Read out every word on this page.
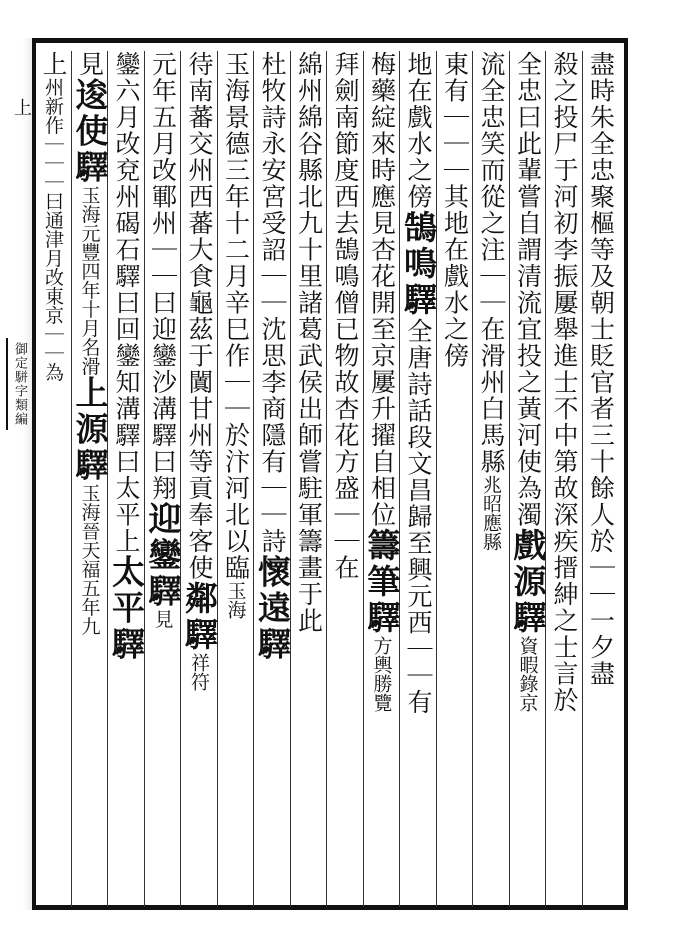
上
御定駢字類編	盡時朱全忠聚樞等及朝士貶官者三十餘人於｜｜一夕盡
殺之投尸于河初李振屢舉進士不中第故深疾搢紳之士言於
全忠曰此輩嘗自謂清流宜投之黃河使為濁戲源驛資暇錄京
流全忠笑而從之注｜｜在滑州白馬縣兆昭應縣
東有｜｜｜其地在戲水之傍
地在戲水之傍鵠鳴驛全唐詩話段文昌歸至興元西｜｜有
梅藥綻來時應見杏花開至京屢升擢自相位籌筆驛方輿勝覽
拜劍南節度西去鵠鳴僧已物故杏花方盛｜｜在
綿州綿谷縣北九十里諸葛武侯出師嘗駐軍籌畫于此
杜牧詩永安宮受詔｜｜沈思李商隱有｜｜詩懷遠驛
玉海景德三年十二月辛巳作｜｜於汴河北以臨玉海
待南蕃交州西蕃大食龜茲于闐甘州等貢奉客使鄰驛祥符
元年五月改鄆州｜｜曰迎鑾沙溝驛曰翔迎鑾驛見
鑾六月改兗州碣石驛曰回鑾知溝驛曰太平上太平驛
見逡使驛玉海元豐四年十月名滑上源驛玉海晉天福五年九
上州新作｜｜｜曰通津月改東京｜｜為
